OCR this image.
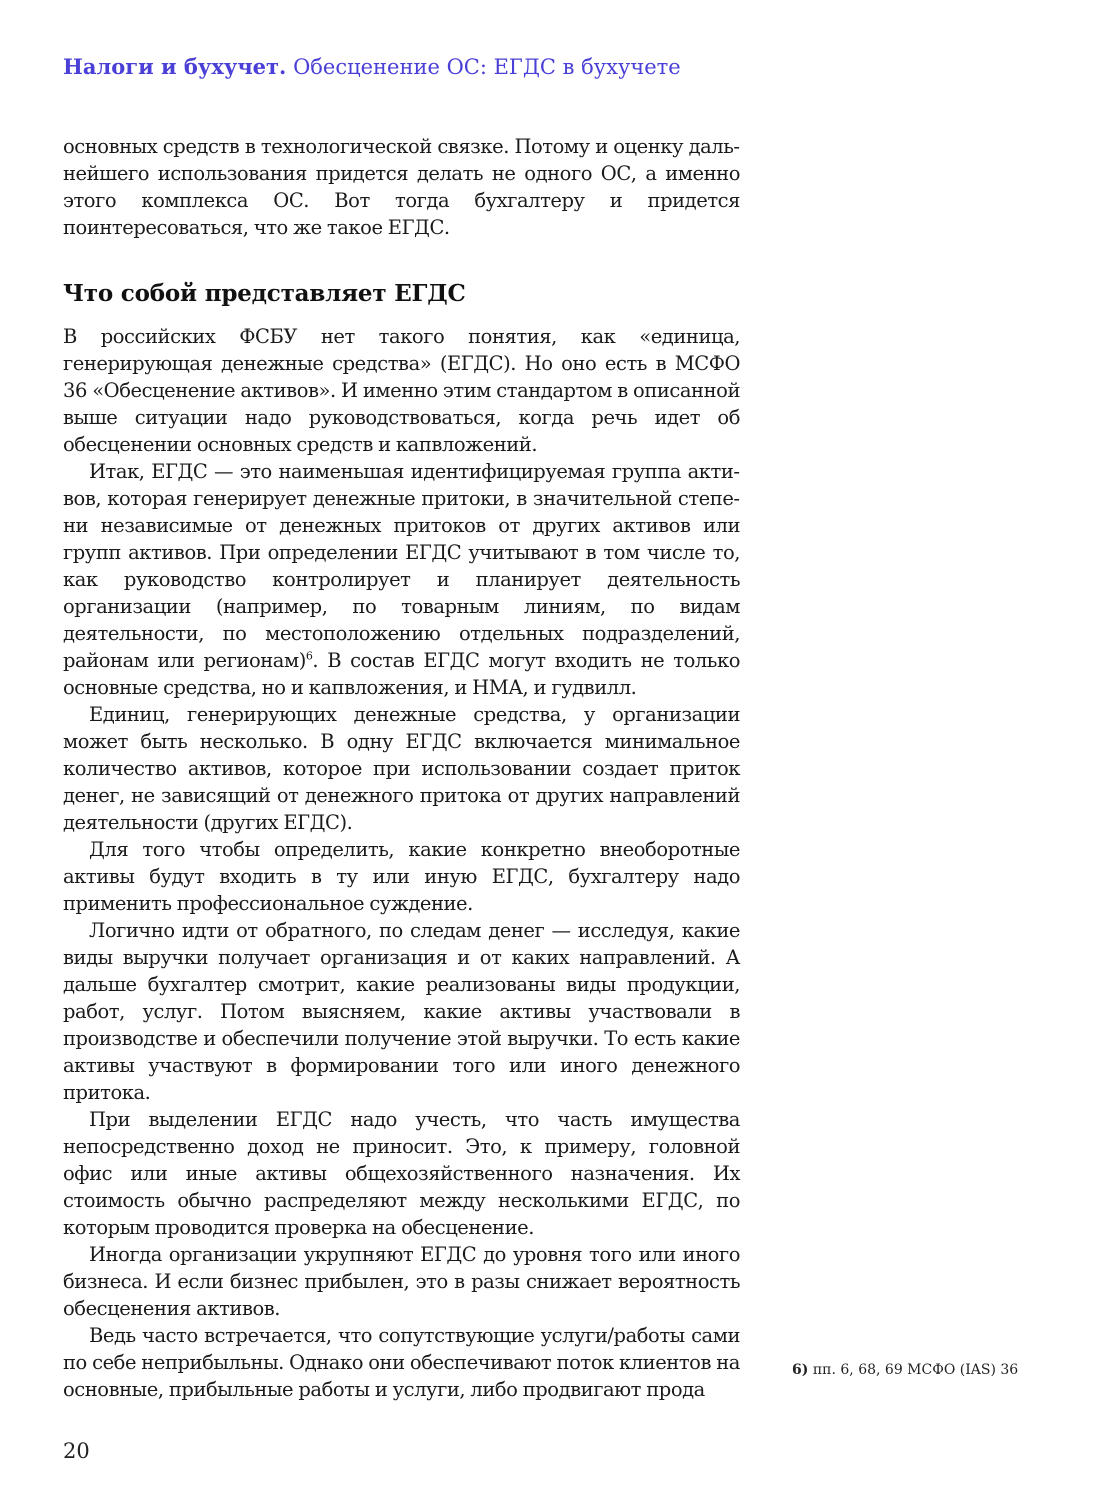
Налоги и бухучет. Обесценение ОС: ЕГДС в бухучете

основных средств в технологической связке. Потому и оценку дальнейшего использования придется делать не одного ОС, а именно этого комплекса ОС. Вот тогда бухгалтеру и придется поинтересоваться, что же такое ЕГДС.

Что собой представляет ЕГДС

В российских ФСБУ нет такого понятия, как «единица, генерирующая денежные средства» (ЕГДС). Но оно есть в МСФО 36 «Обесценение активов». И именно этим стандартом в описанной выше ситуации надо руководствоваться, когда речь идет об обесценении основных средств и капвложений.

Итак, ЕГДС — это наименьшая идентифицируемая группа активов, которая генерирует денежные притоки, в значительной степени независимые от денежных притоков от других активов или групп активов. При определении ЕГДС учитывают в том числе то, как руководство контролирует и планирует деятельность организации (например, по товарным линиям, по видам деятельности, по местоположению отдельных подразделений, районам или регионам)$^6$. В состав ЕГДС могут входить не только основные средства, но и капвложения, и НМА, и гудвилл.

Единиц, генерирующих денежные средства, у организации может быть несколько. В одну ЕГДС включается минимальное количество активов, которое при использовании создает приток денег, не зависящий от денежного притока от других направлений деятельности (других ЕГДС).

Для того чтобы определить, какие конкретно внеоборотные активы будут входить в ту или иную ЕГДС, бухгалтеру надо применить профессиональное суждение.

Логично идти от обратного, по следам денег — исследуя, какие виды выручки получает организация и от каких направлений. А дальше бухгалтер смотрит, какие реализованы виды продукции, работ, услуг. Потом выясняем, какие активы участвовали в производстве и обеспечили получение этой выручки. То есть какие активы участвуют в формировании того или иного денежного притока.

При выделении ЕГДС надо учесть, что часть имущества непосредственно доход не приносит. Это, к примеру, головной офис или иные активы общехозяйственного назначения. Их стоимость обычно распределяют между несколькими ЕГДС, по которым проводится проверка на обесценение.

Иногда организации укрупняют ЕГДС до уровня того или иного бизнеса. И если бизнес прибылен, это в разы снижает вероятность обесценения активов.

Ведь часто встречается, что сопутствующие услуги/работы сами по себе неприбыльны. Однако они обеспечивают поток клиентов на основные, прибыльные работы и услуги, либо продвигают прода

6) пп. 6, 68, 69 МСФО (IAS) 36
20
